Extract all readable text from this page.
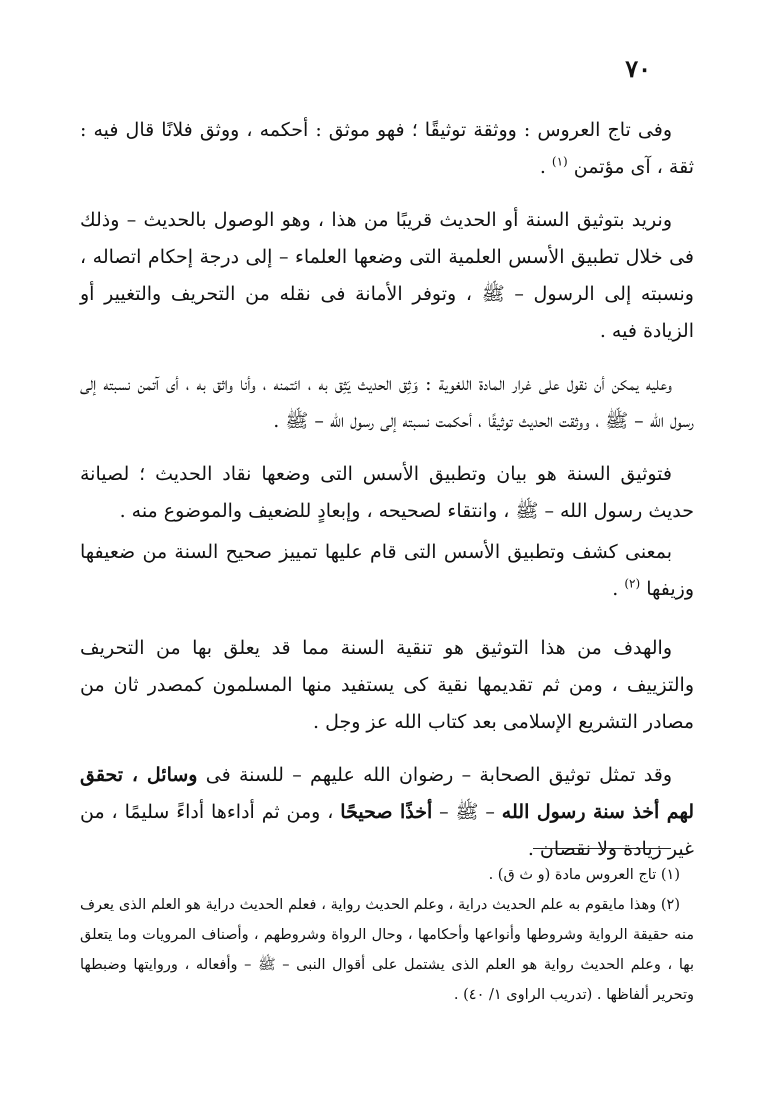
٧٠

وفى تاج العروس : ووثقة توثيقًا ؛ فهو موثق : أحكمه ، ووثق فلانًا قال فيه : ثقة ، آى مؤتمن $^{(١)}$ .

ونريد بتوثيق السنة أو الحديث قريبًا من هذا ، وهو الوصول بالحديث – وذلك فى خلال تطبيق الأسس العلمية التى وضعها العلماء – إلى درجة إحكام اتصاله ، ونسبته إلى الرسول – ﷺ ، وتوفر الأمانة فى نقله من التحريف والتغيير أو الزيادة فيه .

وعليه يمكن أن نقول على غرار المادة اللغوية : وَثِق الحديث يَثِق به ، ائتمنه ، وأنا واثق به ، أى آتمن نسبته إلى رسول الله – ﷺ ، ووثقت الحديث توثيقًا ، أحكمت نسبته إلى رسول الله – ﷺ .

فتوثيق السنة هو بيان وتطبيق الأسس التى وضعها نقاد الحديث ؛ لصيانة حديث رسول الله – ﷺ ، وانتقاء لصحيحه ، وإبعادٍ للضعيف والموضوع منه .

بمعنى كشف وتطبيق الأسس التى قام عليها تمييز صحيح السنة من ضعيفها وزيفها $^{(٢)}$ .

والهدف من هذا التوثيق هو تنقية السنة مما قد يعلق بها من التحريف والتزييف ، ومن ثم تقديمها نقية كى يستفيد منها المسلمون كمصدر ثان من مصادر التشريع الإسلامى بعد كتاب الله عز وجل .

وقد تمثل توثيق الصحابة – رضوان الله عليهم – للسنة فى وسائل ، تحقق لهم أخذ سنة رسول الله – ﷺ – أخذًا صحيحًا ، ومن ثم أداءها أداءً سليمًا ، من غير زيادة ولا نقصان .

(١) تاج العروس مادة (و ث ق) .

(٢) وهذا مايقوم به علم الحديث دراية ، وعلم الحديث رواية ، فعلم الحديث دراية هو العلم الذى يعرف منه حقيقة الرواية وشروطها وأنواعها وأحكامها ، وحال الرواة وشروطهم ، وأصناف المرويات وما يتعلق بها ، وعلم الحديث رواية هو العلم الذى يشتمل على أقوال النبى – ﷺ – وأفعاله ، وروايتها وضبطها وتحرير ألفاظها . (تدريب الراوى ١/ ٤٠) .
